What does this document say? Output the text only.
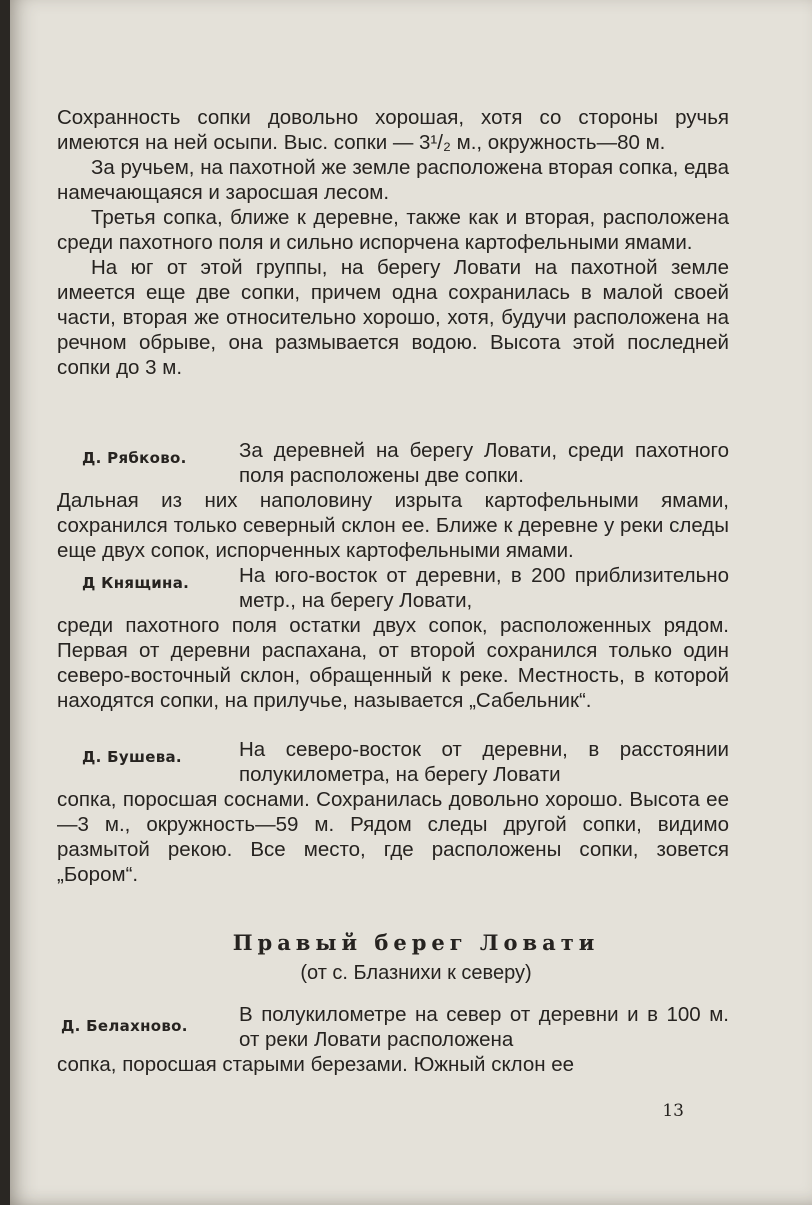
Сохранность сопки довольно хорошая, хотя со стороны ручья имеются на ней осыпи. Выс. сопки — 3¹/₂ м., окружность—80 м.

За ручьем, на пахотной же земле расположена вторая сопка, едва намечающаяся и заросшая лесом.

Третья сопка, ближе к деревне, также как и вторая, расположена среди пахотного поля и сильно испорчена картофельными ямами.

На юг от этой группы, на берегу Ловати на пахотной земле имеется еще две сопки, причем одна сохранилась в малой своей части, вторая же относительно хорошо, хотя, будучи расположена на речном обрыве, она размывается водою. Высота этой последней сопки до 3 м.

Д. Рябково.	За деревней на берегу Ловати, среди пахотного поля расположены две сопки.

Дальная из них наполовину изрыта картофельными ямами, сохранился только северный склон ее. Ближе к деревне у реки следы еще двух сопок, испорченных картофельными ямами.

Д Княщина. На юго-восток от деревни, в 200 приблизительно метр., на берегу Ловати,

среди пахотного поля остатки двух сопок, расположенных рядом. Первая от деревни распахана, от второй сохранился только один северо-восточный склон, обращенный к реке. Местность, в которой находятся сопки, на прилучье, называется „Сабельник“.

Д. Бушева.	На северо-восток от деревни, в расстоянии полукилометра, на берегу Ловати

сопка, поросшая соснами. Сохранилась довольно хорошо. Высота ее—3 м., окружность—59 м. Рядом следы другой сопки, видимо размытой рекою. Все место, где расположены сопки, зовется „Бором“.

Правый берег Ловати
(от с. Блазнихи к северу)
Д. Белахново.	В полукилометре на север от деревни и в 100 м. от реки Ловати расположена

сопка, поросшая старыми березами. Южный склон ее

13
